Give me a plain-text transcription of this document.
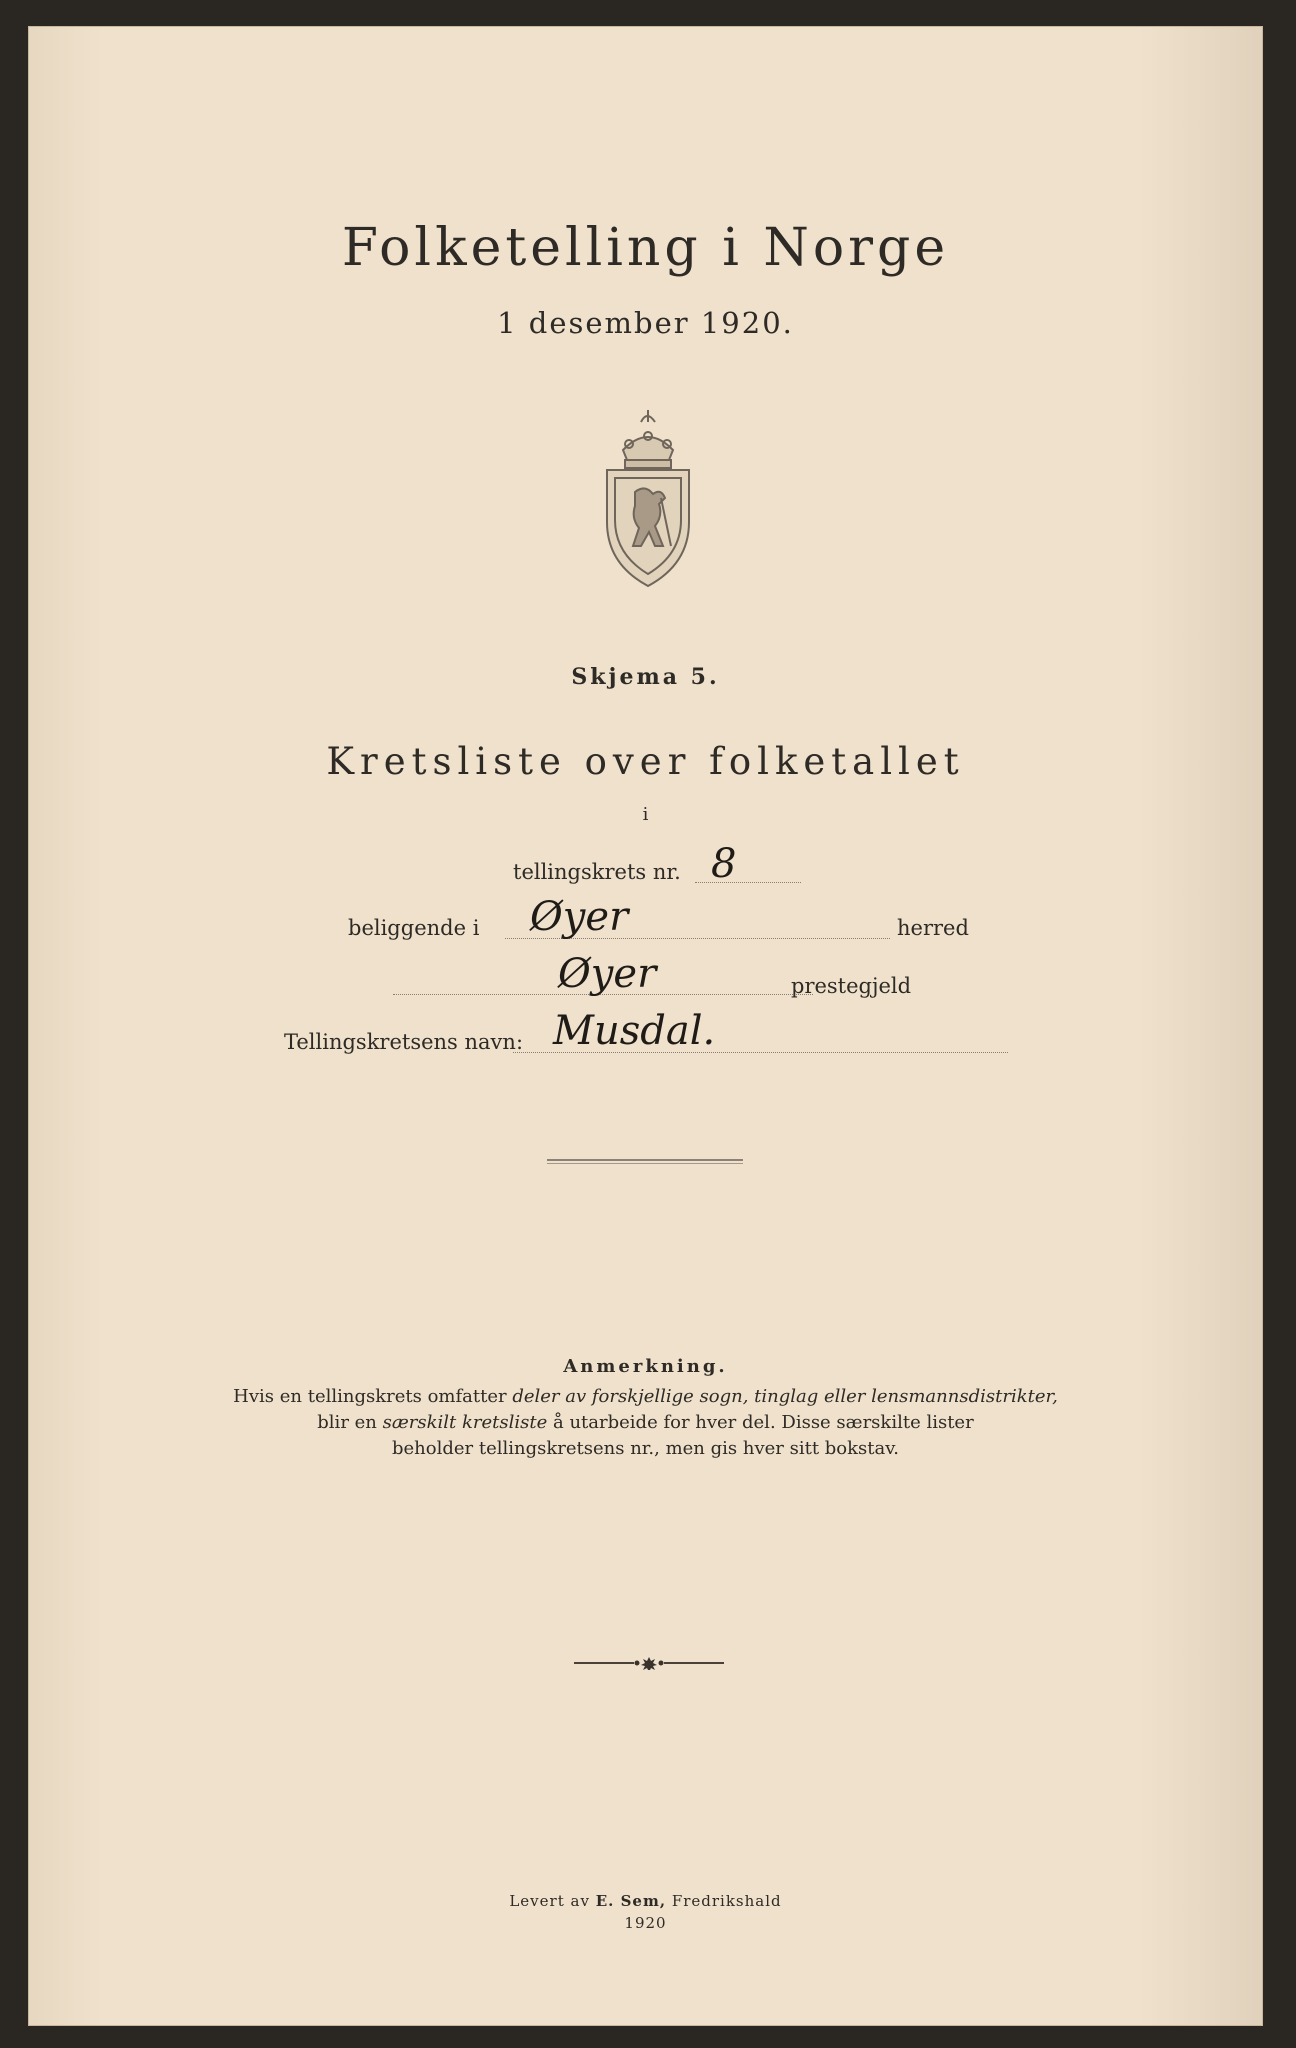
Folketelling i Norge
1 desember 1920.
Skjema 5.
Kretsliste over folketallet
i
tellingskrets nr. 8
beliggende i Øyer	herred
Øyer	prestegjeld
Tellingskretsens navn: Musdal.
Anmerkning.
Hvis en tellingskrets omfatter deler av forskjellige sogn, tinglag eller lensmannsdistrikter,
blir en særskilt kretsliste å utarbeide for hver del. Disse særskilte lister
beholder tellingskretsens nr., men gis hver sitt bokstav.
Levert av E. Sem, Fredrikshald
1920
